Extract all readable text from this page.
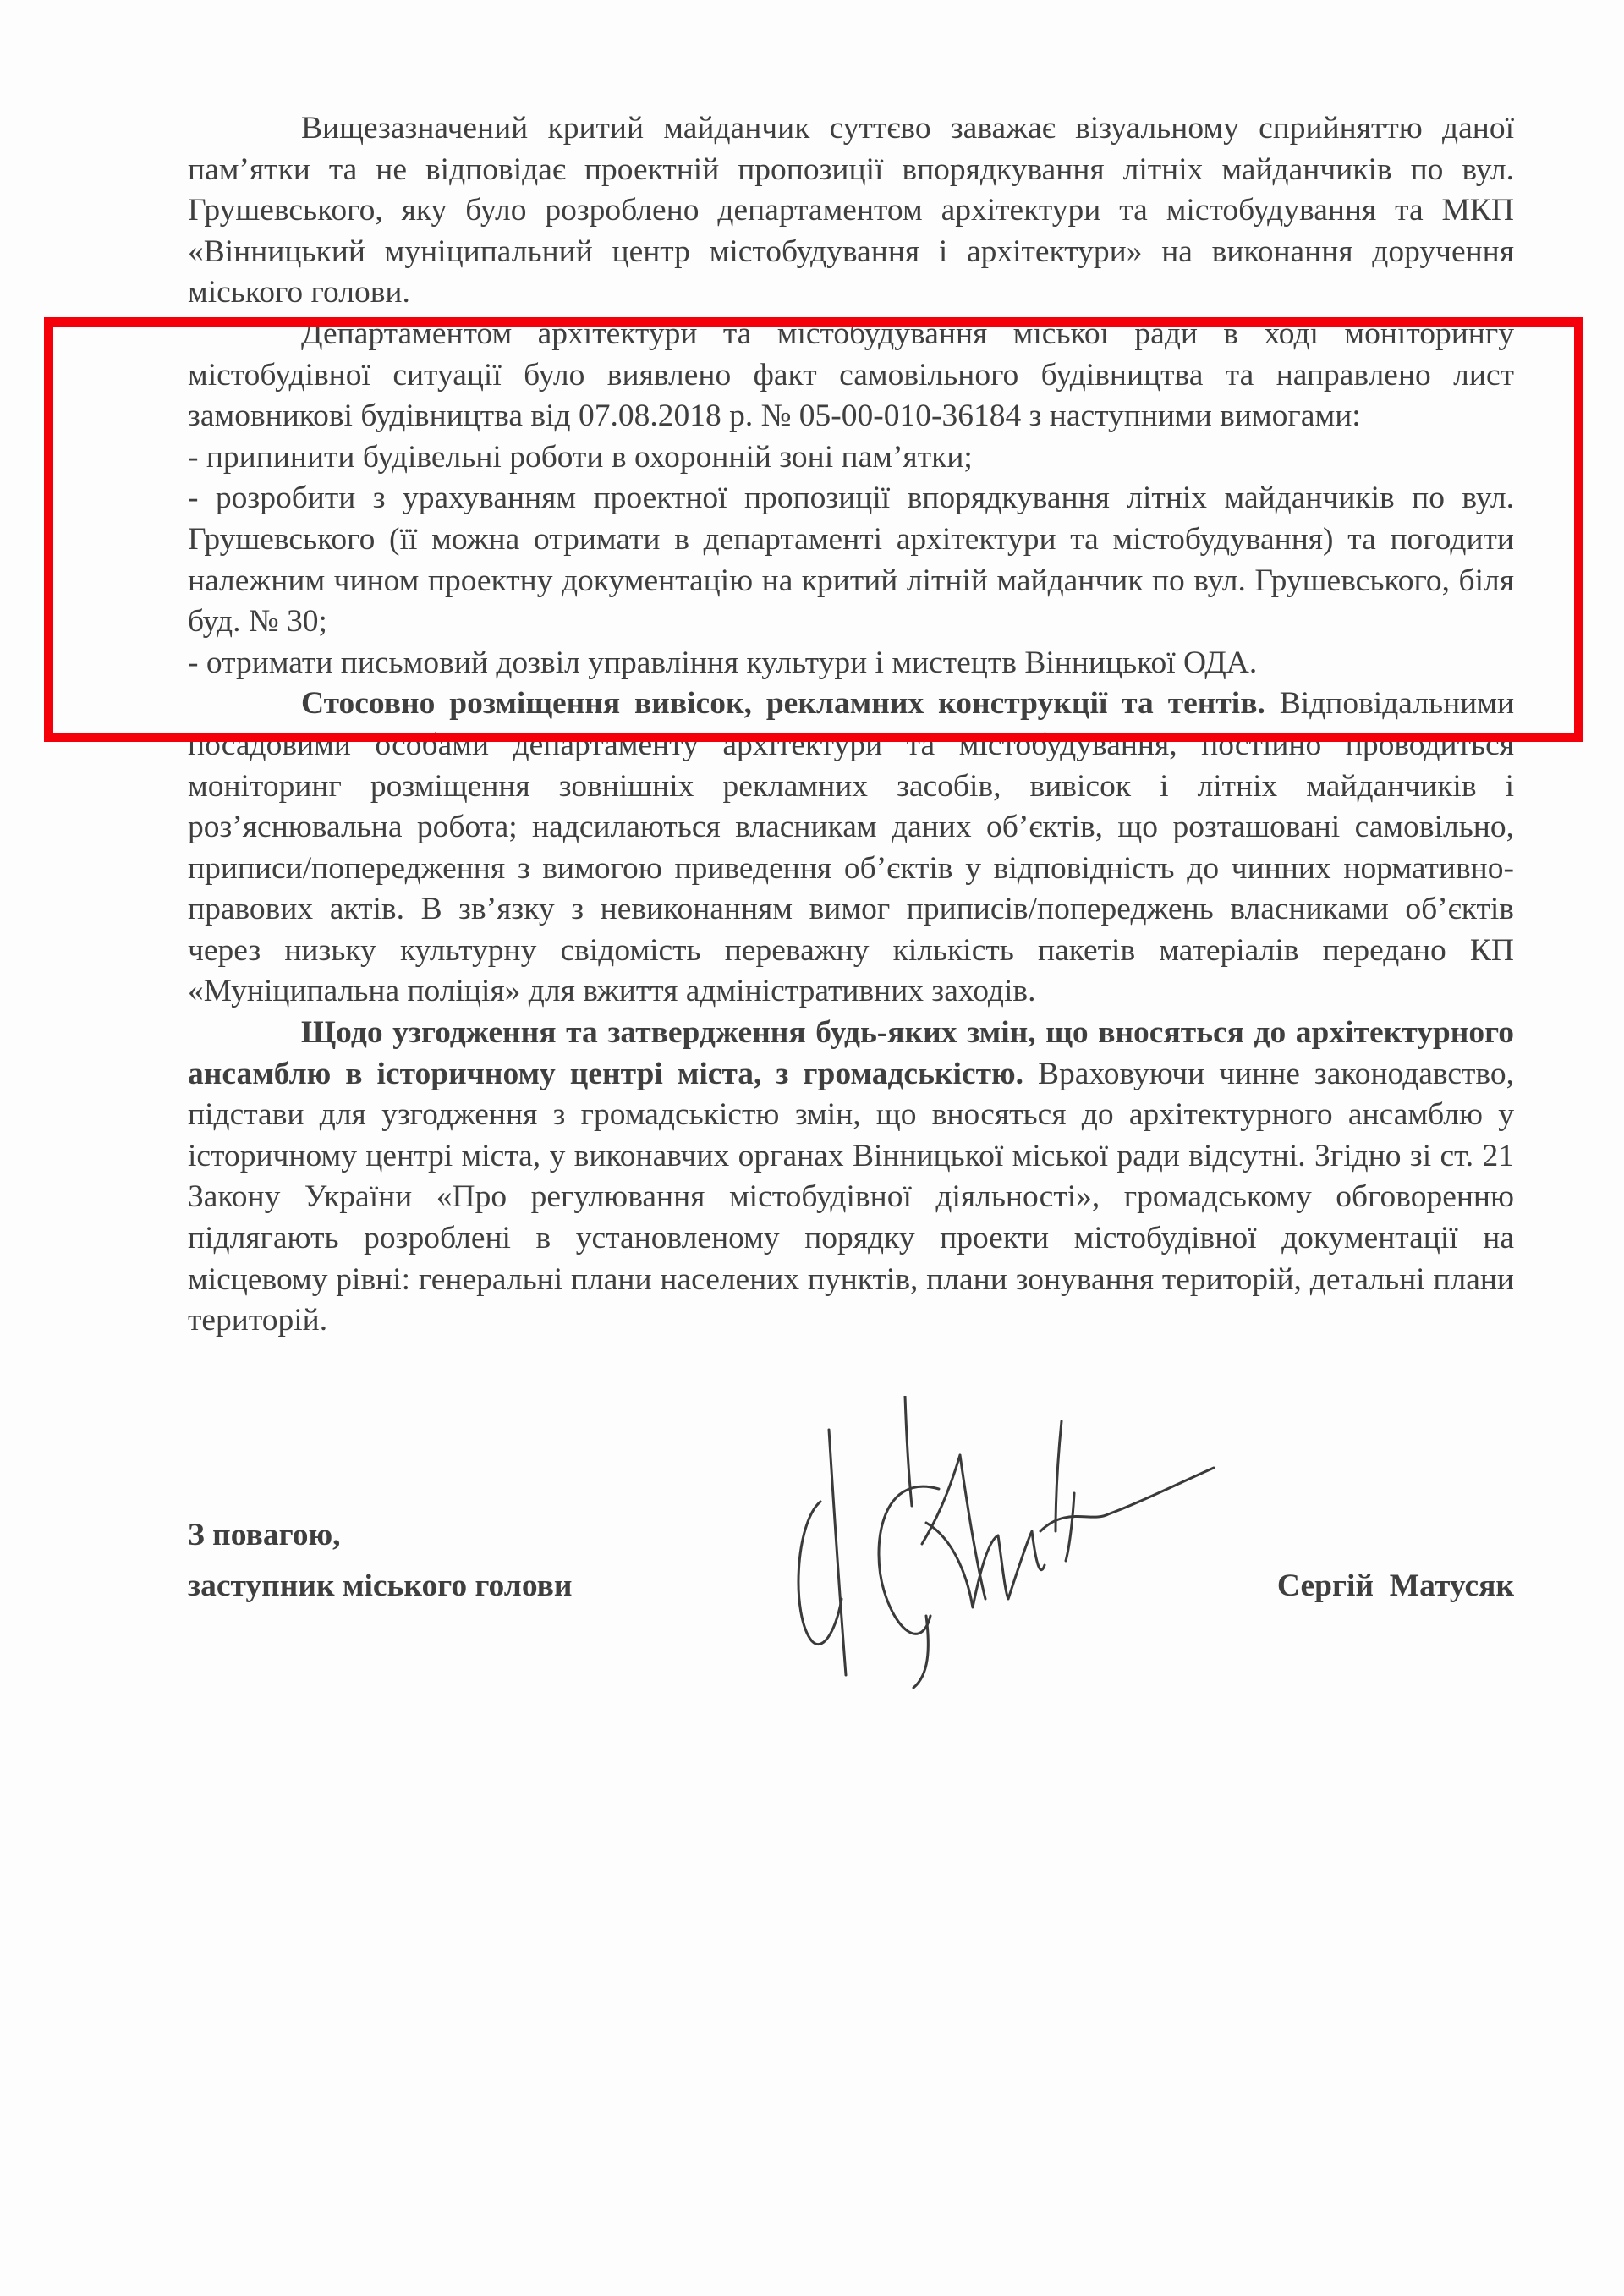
Вищезазначений критий майданчик суттєво заважає візуальному сприйняттю даної пам’ятки та не відповідає проектній пропозиції впорядкування літніх майданчиків по вул. Грушевського, яку було розроблено департаментом архітектури та містобудування та МКП «Вінницький муніципальний центр містобудування і архітектури» на виконання доручення міського голови.

Департаментом архітектури та містобудування міської ради в ході моніторингу містобудівної ситуації було виявлено факт самовільного будівництва та направлено лист замовникові будівництва від 07.08.2018 р. № 05-00-010-36184 з наступними вимогами:

- припинити будівельні роботи в охоронній зоні пам’ятки;

- розробити з урахуванням проектної пропозиції впорядкування літніх майданчиків по вул. Грушевського (її можна отримати в департаменті архітектури та містобудування) та погодити належним чином проектну документацію на критий літній майданчик по вул. Грушевського, біля буд. № 30;

- отримати письмовий дозвіл управління культури і мистецтв Вінницької ОДА.

Стосовно розміщення вивісок, рекламних конструкції та тентів. Відповідальними посадовими особами департаменту архітектури та містобудування, постійно проводиться моніторинг розміщення зовнішніх рекламних засобів, вивісок і літніх майданчиків і роз’яснювальна робота; надсилаються власникам даних об’єктів, що розташовані самовільно, приписи/попередження з вимогою приведення об’єктів у відповідність до чинних нормативно-правових актів. В зв’язку з невиконанням вимог приписів/попереджень власниками об’єктів через низьку культурну свідомість переважну кількість пакетів матеріалів передано КП «Муніципальна поліція» для вжиття адміністративних заходів.

Щодо узгодження та затвердження будь-яких змін, що вносяться до архітектурного ансамблю в історичному центрі міста, з громадськістю. Враховуючи чинне законодавство, підстави для узгодження з громадськістю змін, що вносяться до архітектурного ансамблю у історичному центрі міста, у виконавчих органах Вінницької міської ради відсутні. Згідно зі ст. 21 Закону України «Про регулювання містобудівної діяльності», громадському обговоренню підлягають розроблені в установленому порядку проекти містобудівної документації на місцевому рівні: генеральні плани населених пунктів, плани зонування територій, детальні плани територій.

З повагою,
заступник міського голови	Сергій  Матусяк
